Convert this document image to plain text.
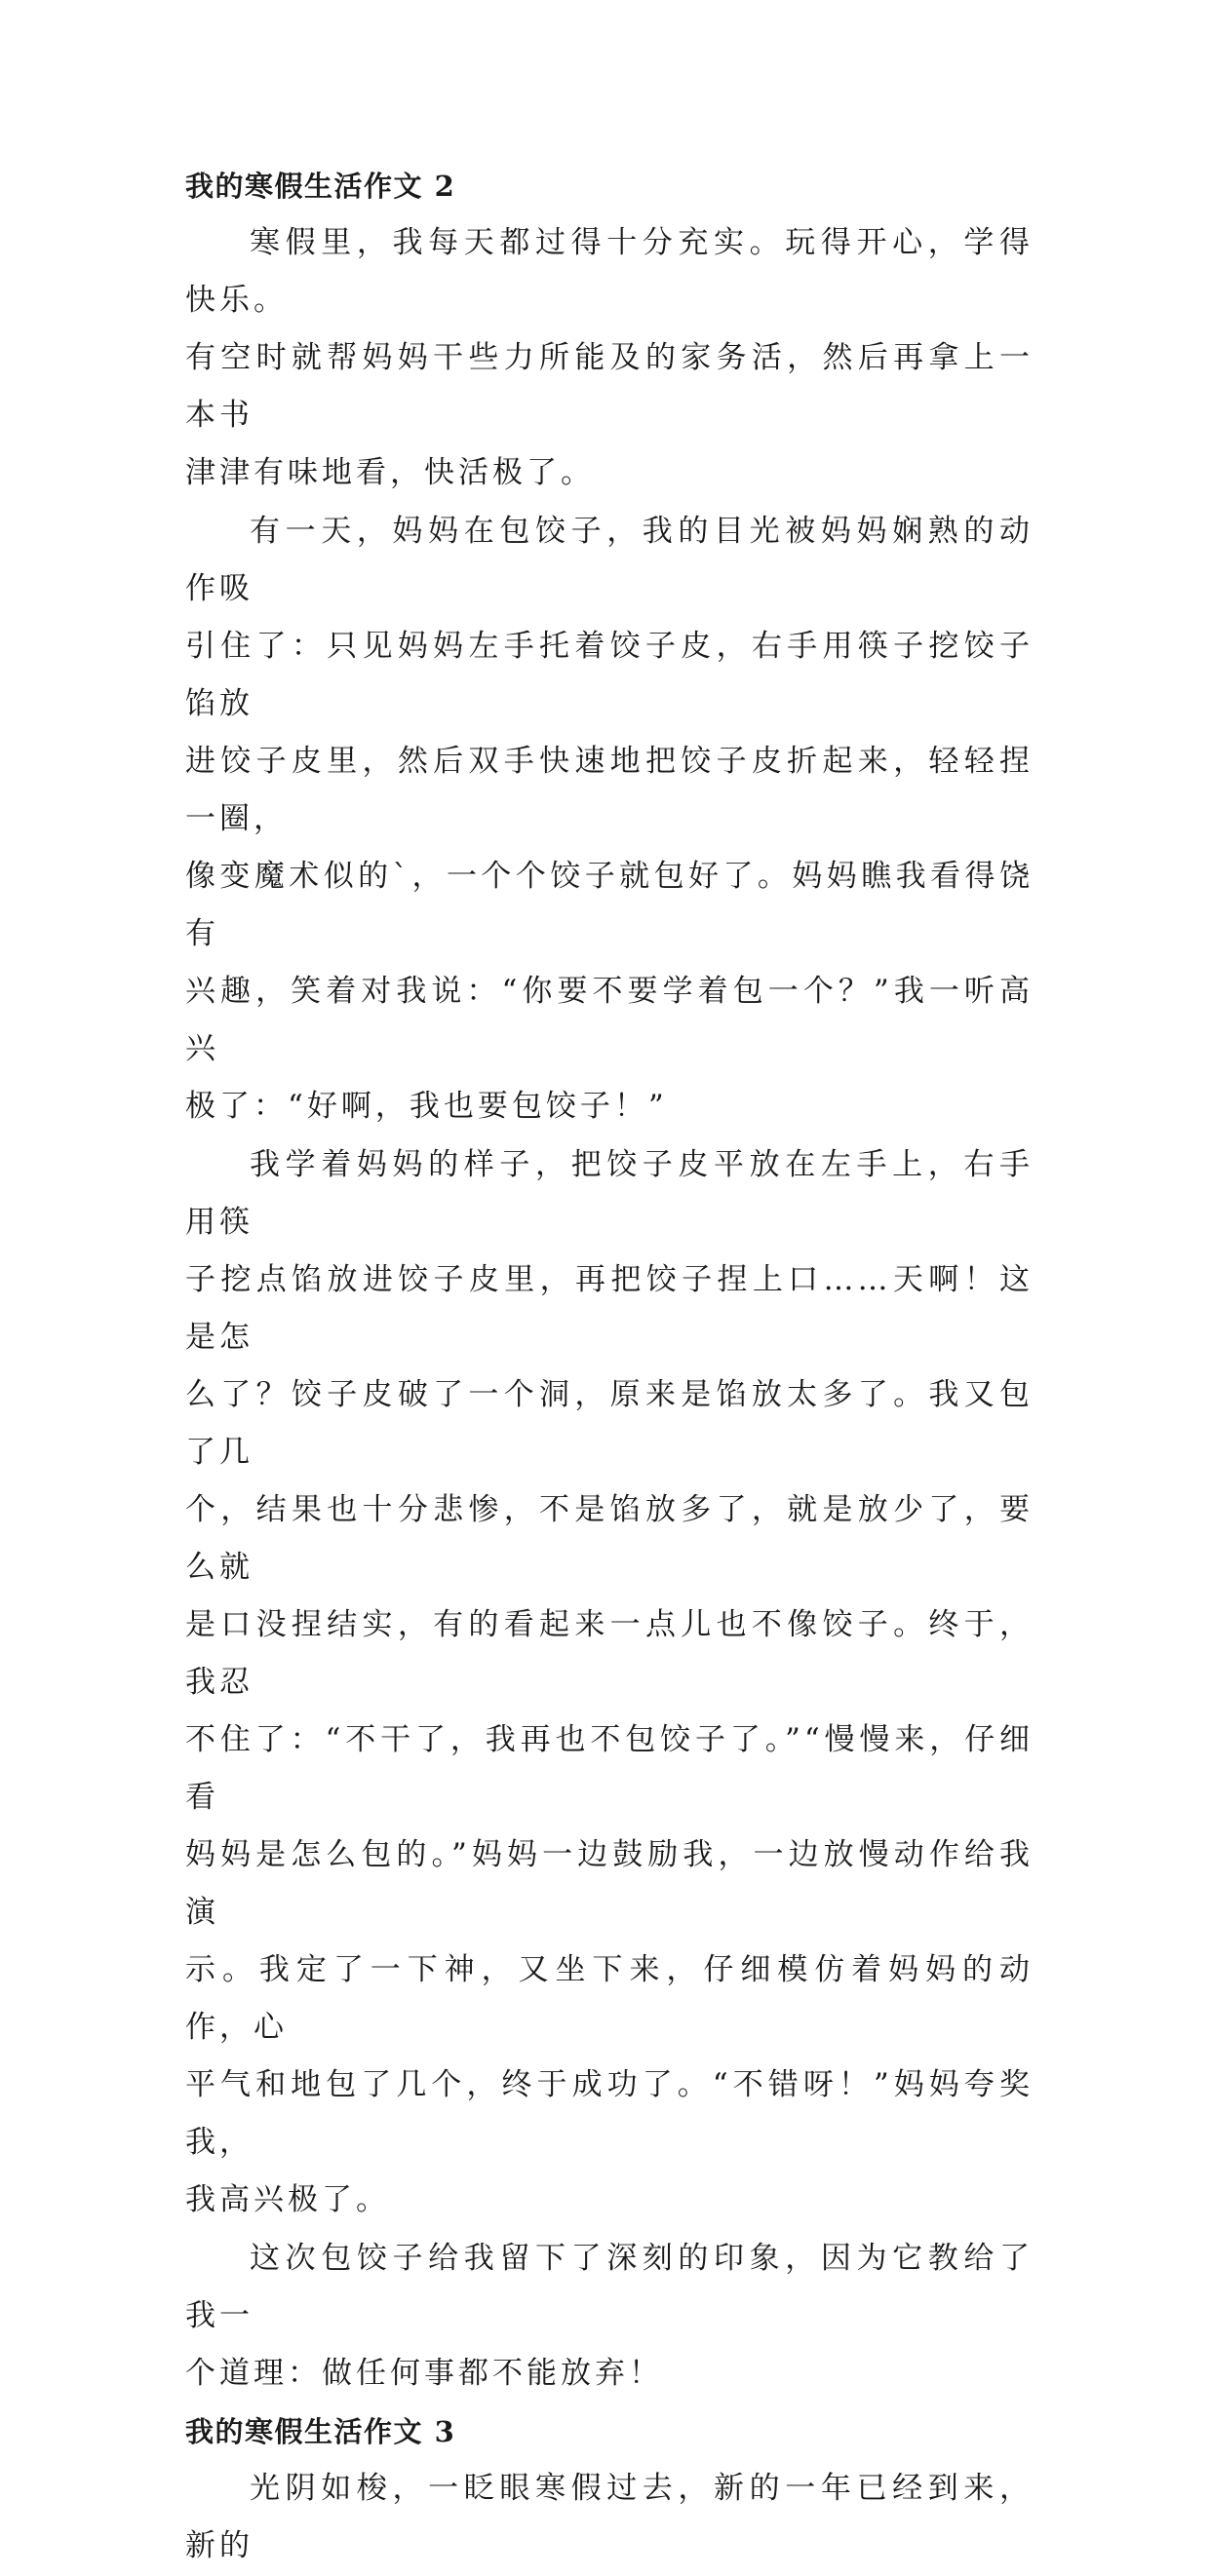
我的寒假生活作文 2

寒假里，我每天都过得十分充实。玩得开心，学得快乐。
有空时就帮妈妈干些力所能及的家务活，然后再拿上一本书
津津有味地看，快活极了。

有一天，妈妈在包饺子，我的目光被妈妈娴熟的动作吸
引住了：只见妈妈左手托着饺子皮，右手用筷子挖饺子馅放
进饺子皮里，然后双手快速地把饺子皮折起来，轻轻捏一圈，
像变魔术似的`，一个个饺子就包好了。妈妈瞧我看得饶有
兴趣，笑着对我说：“你要不要学着包一个？”我一听高兴
极了：“好啊，我也要包饺子！”

我学着妈妈的样子，把饺子皮平放在左手上，右手用筷
子挖点馅放进饺子皮里，再把饺子捏上口……天啊！这是怎
么了？饺子皮破了一个洞，原来是馅放太多了。我又包了几
个，结果也十分悲惨，不是馅放多了，就是放少了，要么就
是口没捏结实，有的看起来一点儿也不像饺子。终于，我忍
不住了：“不干了，我再也不包饺子了。”“慢慢来，仔细看
妈妈是怎么包的。”妈妈一边鼓励我，一边放慢动作给我演
示。我定了一下神，又坐下来，仔细模仿着妈妈的动作，心
平气和地包了几个，终于成功了。“不错呀！”妈妈夸奖我，
我高兴极了。

这次包饺子给我留下了深刻的印象，因为它教给了我一
个道理：做任何事都不能放弃！

我的寒假生活作文 3

光阴如梭，一眨眼寒假过去，新的一年已经到来，新的
